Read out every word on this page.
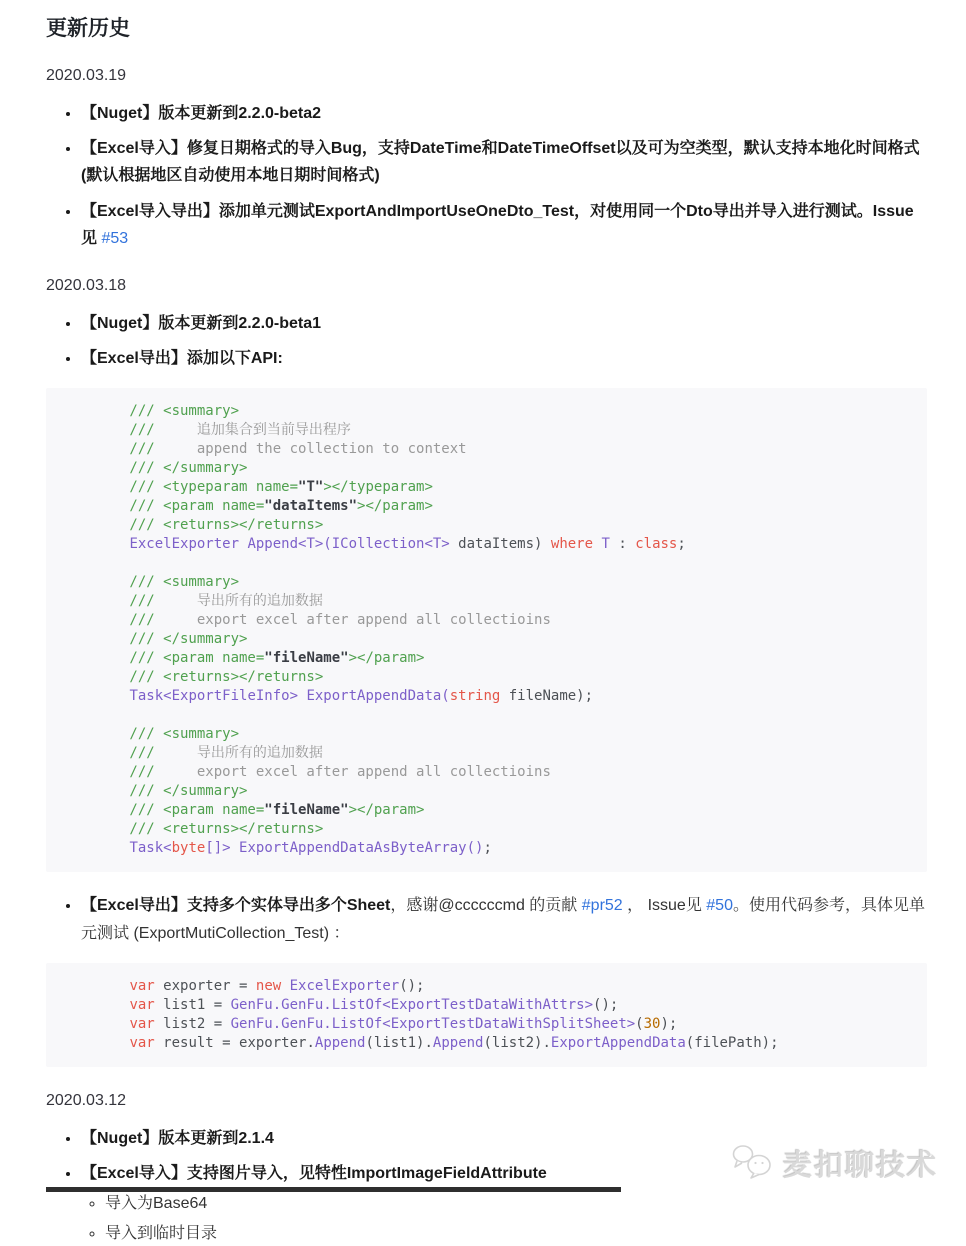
更新历史

2020.03.19

• 【Nuget】版本更新到2.2.0-beta2
• 【Excel导入】修复日期格式的导入Bug，支持DateTime和DateTimeOffset以及可为空类型，默认支持本地化时间格式 (默认根据地区自动使用本地日期时间格式)
• 【Excel导入导出】添加单元测试ExportAndImportUseOneDto_Test，对使用同一个Dto导出并导入进行测试。Issue见 #53

2020.03.18

• 【Nuget】版本更新到2.2.0-beta1
• 【Excel导出】添加以下API:
/// <summary>
///     追加集合到当前导出程序
///     append the collection to context
/// </summary>
/// <typeparam name="T"></typeparam>
/// <param name="dataItems"></param>
/// <returns></returns>
ExcelExporter Append<T>(ICollection<T> dataItems) where T : class;

/// <summary>
///     导出所有的追加数据
///     export excel after append all collectioins
/// </summary>
/// <param name="fileName"></param>
/// <returns></returns>
Task<ExportFileInfo> ExportAppendData(string fileName);

/// <summary>
///     导出所有的追加数据
///     export excel after append all collectioins
/// </summary>
/// <param name="fileName"></param>
/// <returns></returns>
Task<byte[]> ExportAppendDataAsByteArray();

• 【Excel导出】支持多个实体导出多个Sheet，感谢@ccccccmd 的贡献 #pr52 ， Issue见 #50。使用代码参考，具体见单元测试 (ExportMutiCollection_Test) ：
var exporter = new ExcelExporter();
var list1 = GenFu.GenFu.ListOf<ExportTestDataWithAttrs>();
var list2 = GenFu.GenFu.ListOf<ExportTestDataWithSplitSheet>(30);
var result = exporter.Append(list1).Append(list2).ExportAppendData(filePath);

2020.03.12

• 【Nuget】版本更新到2.1.4
• 【Excel导入】支持图片导入，见特性ImportImageFieldAttribute
◦ 导入为Base64
◦ 导入到临时目录
麦扣聊技术
